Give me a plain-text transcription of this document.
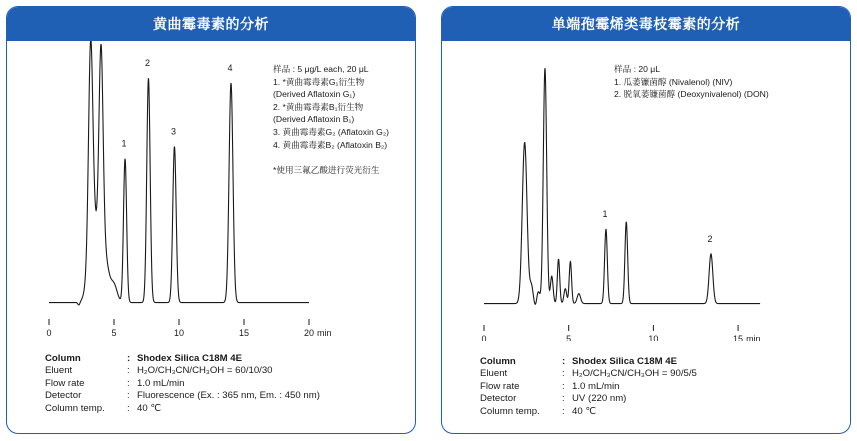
黄曲霉毒素的分析
0	5	10	15	20 min
1
2
3
4	样品 : 5 μg/L each, 20 μL
1. *黄曲霉毒素G₁衍生物
(Derived Aflatoxin G₁)
2. *黄曲霉毒素B₁衍生物
(Derived Aflatoxin B₁)
3. 黄曲霉毒素G₂ (Aflatoxin G₂)
4. 黄曲霉毒素B₂ (Aflatoxin B₂)

*使用三氟乙酸进行荧光衍生
Column	: Shodex Silica C18M 4E
Eluent	: H₂O/CH₃CN/CH₃OH = 60/10/30
Flow rate	: 1.0 mL/min
Detector	: Fluorescence (Ex. : 365 nm, Em. : 450 nm)
Column temp.	: 40 ℃
单端孢霉烯类毒枝霉素的分析
0	5	10	15 min
1
2
样品 : 20 μL
1. 瓜萎镰菌醇 (Nivalenol) (NIV)
2. 脱氧萎镰菌醇 (Deoxynivalenol) (DON)
Column	: Shodex Silica C18M 4E
Eluent	: H₂O/CH₃CN/CH₃OH = 90/5/5
Flow rate	: 1.0 mL/min
Detector	: UV (220 nm)
Column temp.	: 40 ℃
